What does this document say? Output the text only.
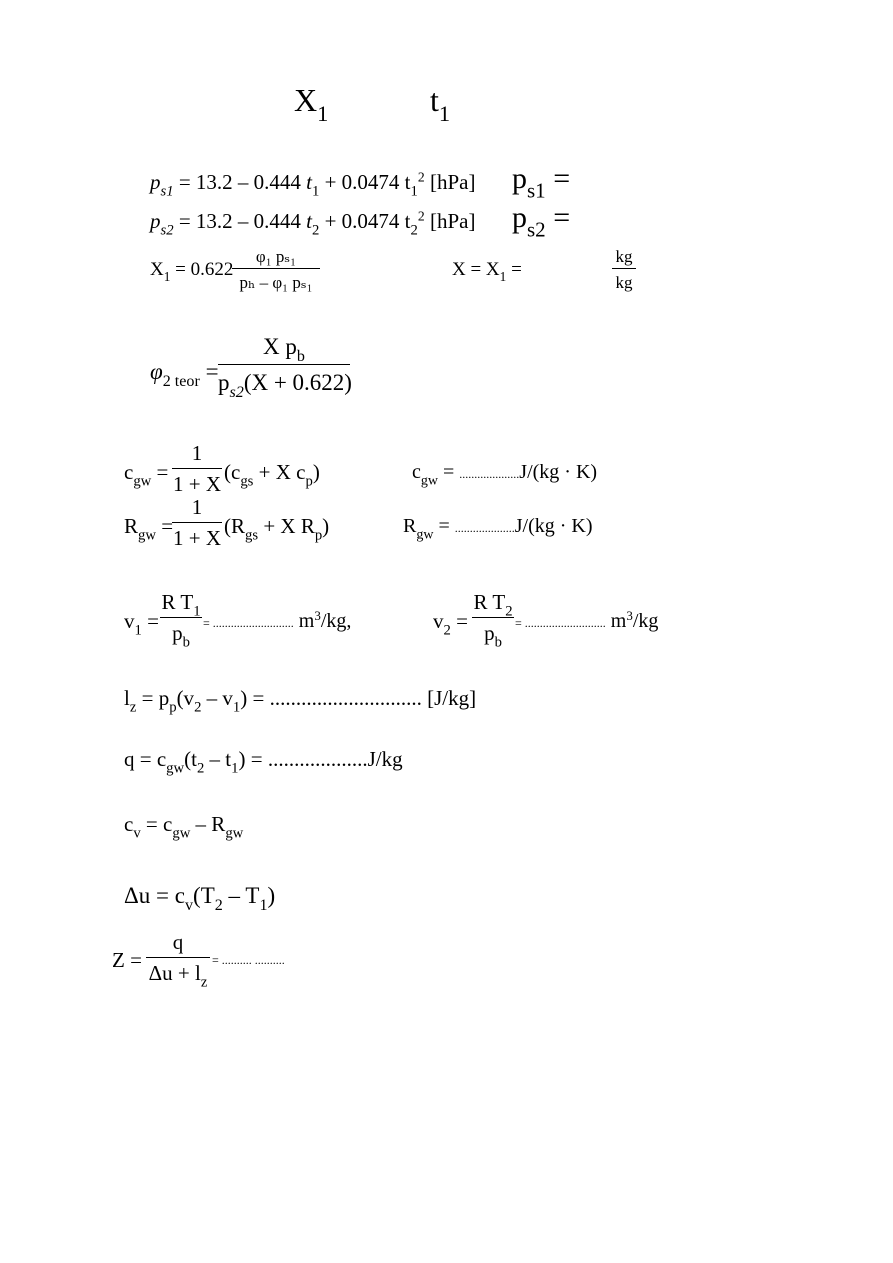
$X_1$	$t_1$
$p_{s1} = 13.2 - 0.444$ $t_1 + 0.0474$ $t_1^2$ [hPa] $p_{s1}$ =
$p_{s2} = 13.2 - 0.444$ $t_2 + 0.0474$ $t_2^2$ [hPa] $p_{s2}$ =
$X_1 = 0.622$
φ₁ pₛ₁
pₕ – φ₁ pₛ₁
$X = X_1$ =
kg
kg
$\varphi_{2 teor}$ =
X $p_b$
$p_{s2}(X + 0.622)$
$c_{gw}$ =
1
1 + X ($c_{gs} + X$ $c_p$)	$c_{gw} = ....................J/(kg \cdot K)$
$R_{gw}$ =
1
1 + X ($R_{gs} + X$ $R_p$)	$R_{gw} = ....................J/(kg \cdot K)$
$v_1$ =
R $T_1$
$p_b$
= ........................... $m^3/kg$,	$v_2$ =
R $T_2$
$p_b$
= ........................... $m^3/kg$
$l_z = p_p(v_2 - v_1)$ = ............................. [J/kg]
$q = c_{gw}(t_2 - t_1) = ...................J/kg$
$c_v = c_{gw} - R_{gw}$
$\Delta u = c_v(T_2 - T_1)$
Z =
q
$\Delta u + l_z$
= .......... ..........
